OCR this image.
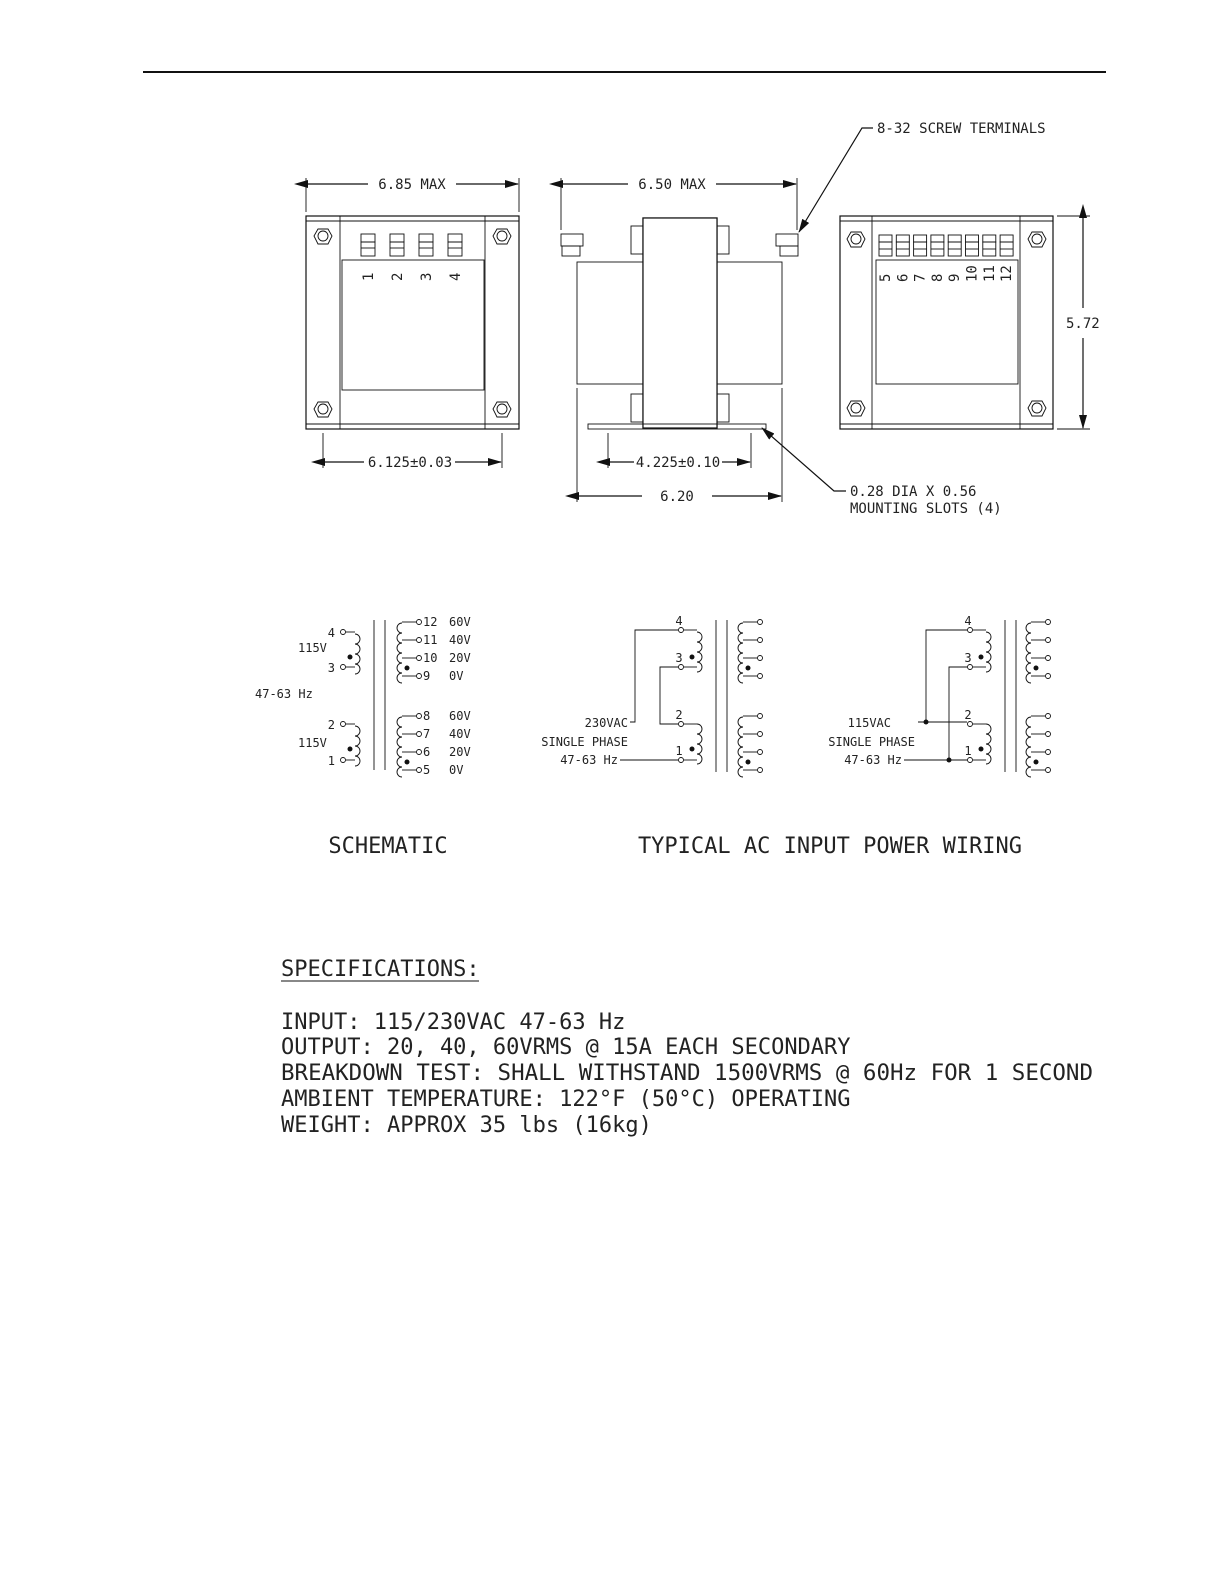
1 2 3 4
6.85 MAX
6.125±0.03
6.50 MAX
4.225±0.10
6.20
8-32 SCREW TERMINALS
0.28 DIA X 0.56
MOUNTING SLOTS (4)
5 6 7 8 9 10 11 12
5.72
12 60V
11 40V
10 20V
9 0V
8 60V
7 40V
6 20V
5 0V
4
3
115V
47-63 Hz
2
1
115V
4
3
2
1
230VAC
SINGLE PHASE
47-63 Hz
4
3
2
1
115VAC
SINGLE PHASE
47-63 Hz
SCHEMATIC	TYPICAL AC INPUT POWER WIRING
SPECIFICATIONS:
INPUT: 115/230VAC 47-63 Hz
OUTPUT: 20, 40, 60VRMS @ 15A EACH SECONDARY
BREAKDOWN TEST: SHALL WITHSTAND 1500VRMS @ 60Hz FOR 1 SECOND
AMBIENT TEMPERATURE: 122°F (50°C) OPERATING
WEIGHT: APPROX 35 lbs (16kg)
